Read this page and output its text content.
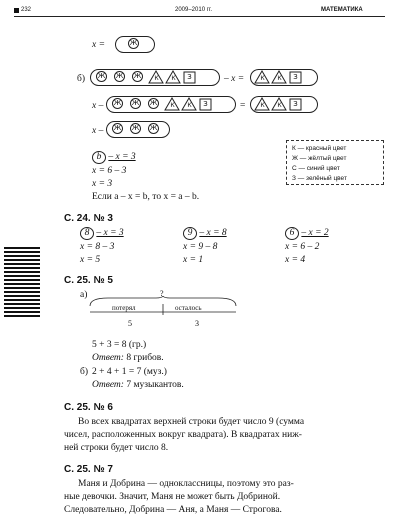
232	2009–2010 гг.	МАТЕМАТИКА
x =	Ж
б) Ж Ж Ж	К	К	З	– x =	К	К	З
x – Ж Ж Ж	К	К	З	=	К	К	З
x – Ж Ж Ж
К — красный цвет
Ж — жёлтый цвет
С — синий цвет
З — зелёный цвет
b – x = 3
x = 6 – 3
x = 3
Если a – x = b, то x = a – b.
С. 24. № 3
8 – x = 3
x = 8 – 3
x = 5
9 – x = 8
x = 9 – 8
x = 1
6 – x = 2
x = 6 – 2
x = 4
С. 25. № 5
а)	?
потерял	осталось
5	3
5 + 3 = 8 (гр.)
Ответ: 8 грибов.
б) 2 + 4 + 1 = 7 (муз.)
Ответ: 7 музыкантов.
С. 25. № 6
Во всех квадратах верхней строки будет число 9 (сумма
чисел, расположенных вокруг квадрата). В квадратах ниж-
ней строки будет число 8.
С. 25. № 7
Маня и Добрина — одноклассницы, поэтому это раз-
ные девочки. Значит, Маня не может быть Добриной.
Следовательно, Добрина — Аня, а Маня — Строгова.
